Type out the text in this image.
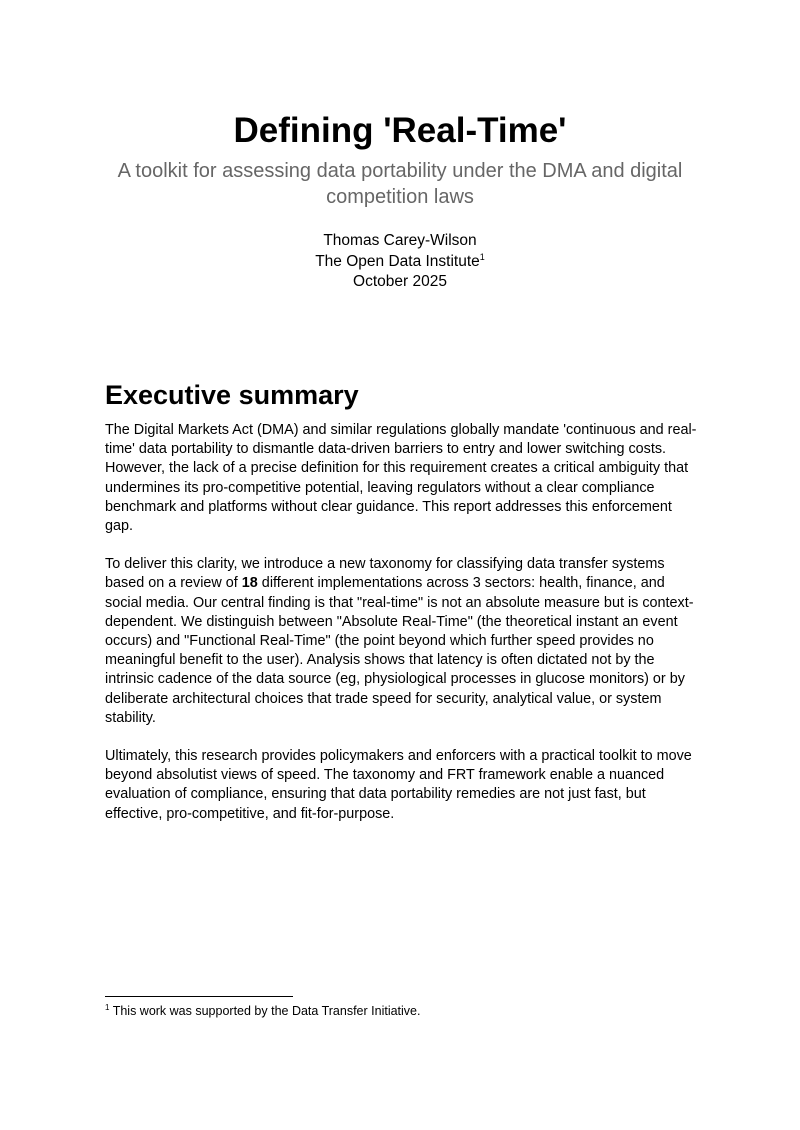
Defining 'Real-Time'

A toolkit for assessing data portability under the DMA and digital competition laws

Thomas Carey-Wilson
The Open Data Institute$^1$
October 2025
Executive summary

The Digital Markets Act (DMA) and similar regulations globally mandate 'continuous and real-time' data portability to dismantle data-driven barriers to entry and lower switching costs. However, the lack of a precise definition for this requirement creates a critical ambiguity that undermines its pro-competitive potential, leaving regulators without a clear compliance benchmark and platforms without clear guidance. This report addresses this enforcement gap.

To deliver this clarity, we introduce a new taxonomy for classifying data transfer systems based on a review of 18 different implementations across 3 sectors: health, finance, and social media. Our central finding is that "real-time" is not an absolute measure but is context-dependent. We distinguish between "Absolute Real-Time" (the theoretical instant an event occurs) and "Functional Real-Time" (the point beyond which further speed provides no meaningful benefit to the user). Analysis shows that latency is often dictated not by the intrinsic cadence of the data source (eg, physiological processes in glucose monitors) or by deliberate architectural choices that trade speed for security, analytical value, or system stability.

Ultimately, this research provides policymakers and enforcers with a practical toolkit to move beyond absolutist views of speed. The taxonomy and FRT framework enable a nuanced evaluation of compliance, ensuring that data portability remedies are not just fast, but effective, pro-competitive, and fit-for-purpose.

$^1$ This work was supported by the Data Transfer Initiative.
